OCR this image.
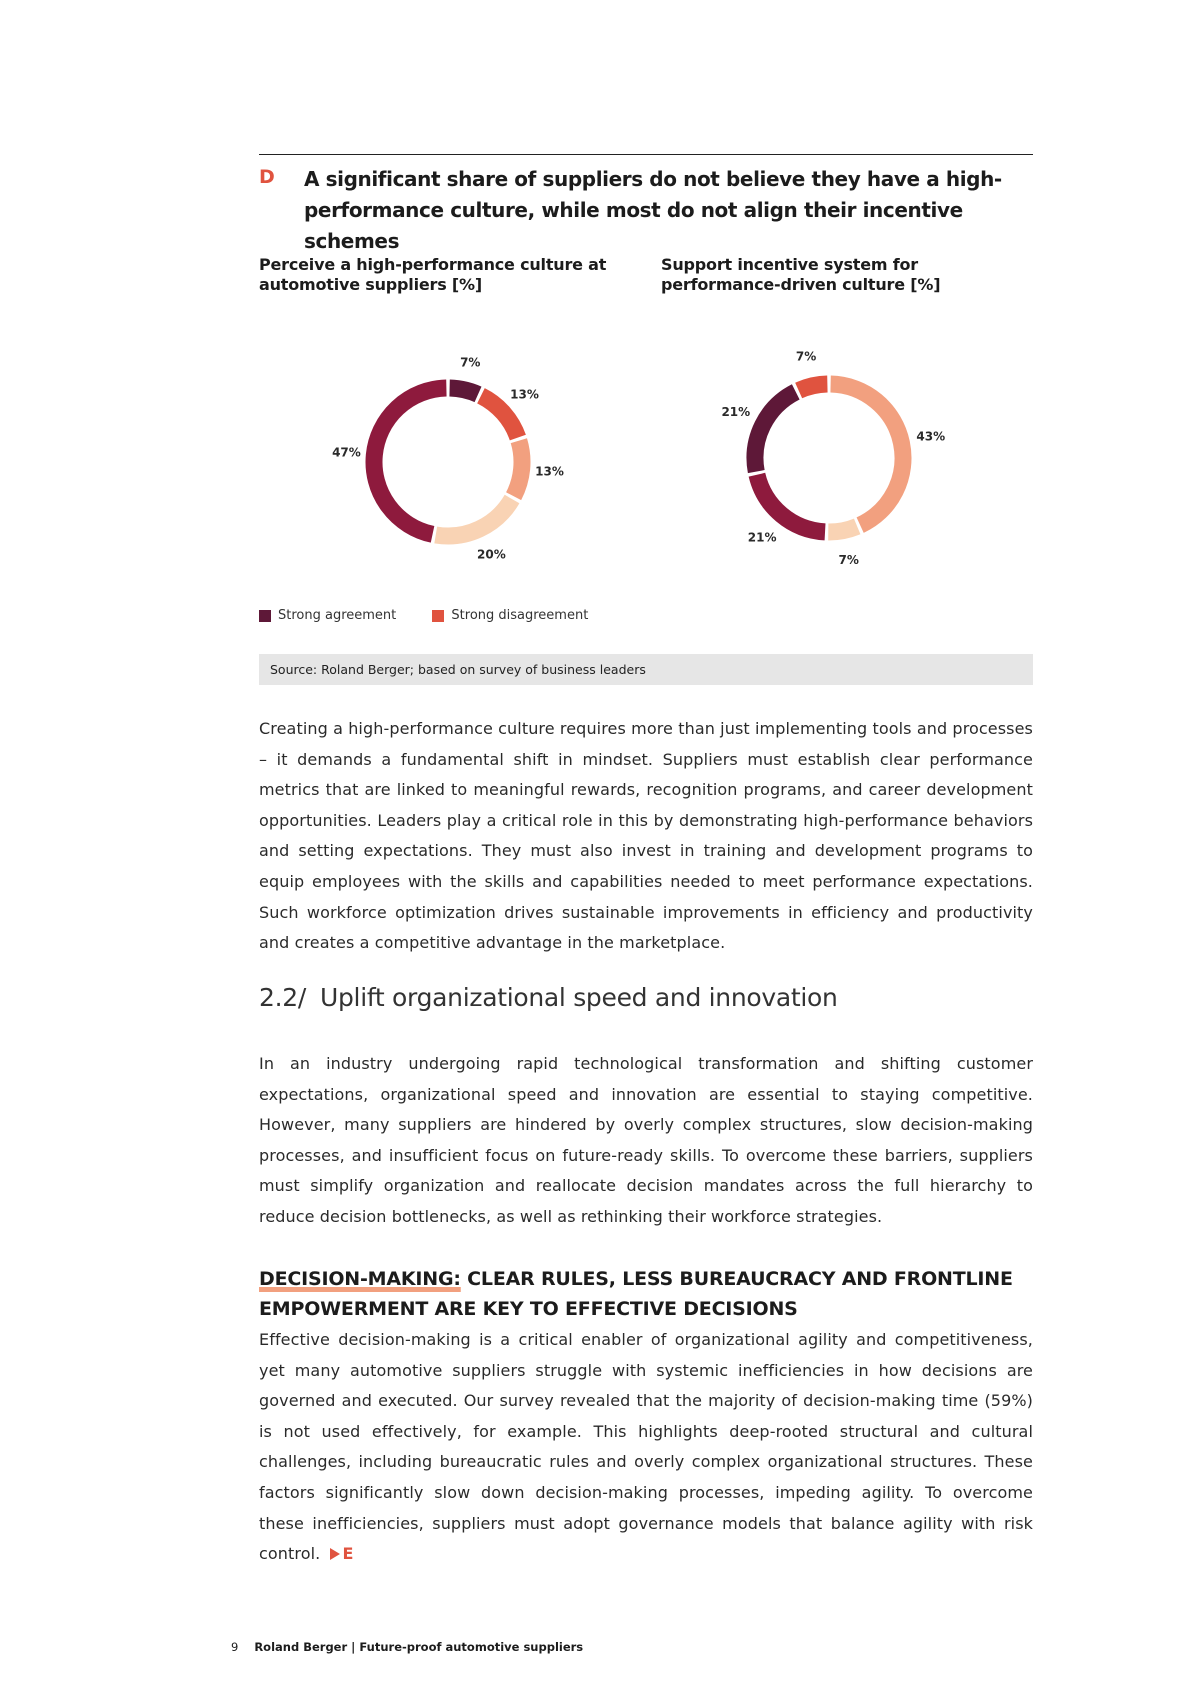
D A significant share of suppliers do not believe they have a high-performance culture, while most do not align their incentive schemes
Perceive a high-performance culture at automotive suppliers [%]
Support incentive system for performance-driven culture [%]
7%
13%
13%
20%
47%
43%
7%
21%
21%
7%
Strong agreement
	Strong disagreement
Source: Roland Berger; based on survey of business leaders

Creating a high-performance culture requires more than just implementing tools and processes – it demands a fundamental shift in mindset. Suppliers must establish clear performance metrics that are linked to meaningful rewards, recognition programs, and career development opportunities. Leaders play a critical role in this by demonstrating high-performance behaviors and setting expectations. They must also invest in training and development programs to equip employees with the skills and capabilities needed to meet performance expectations. Such workforce optimization drives sustainable improvements in efficiency and productivity and creates a competitive advantage in the marketplace.

2.2/ Uplift organizational speed and innovation

In an industry undergoing rapid technological transformation and shifting customer expectations, organizational speed and innovation are essential to staying competitive. However, many suppliers are hindered by overly complex structures, slow decision-making processes, and insufficient focus on future-ready skills. To overcome these barriers, suppliers must simplify organization and reallocate decision mandates across the full hierarchy to reduce decision bottlenecks, as well as rethinking their workforce strategies.

DECISION-MAKING: CLEAR RULES, LESS BUREAUCRACY AND FRONTLINE EMPOWERMENT ARE KEY TO EFFECTIVE DECISIONS

Effective decision-making is a critical enabler of organizational agility and competitiveness, yet many automotive suppliers struggle with systemic inefficiencies in how decisions are governed and executed. Our survey revealed that the majority of decision-making time (59%) is not used effectively, for example. This highlights deep-rooted structural and cultural challenges, including bureaucratic rules and overly complex organizational structures. These factors significantly slow down decision-making processes, impeding agility. To overcome these inefficiencies, suppliers must adopt governance models that balance agility with risk control. E

9 Roland Berger | Future-proof automotive suppliers
